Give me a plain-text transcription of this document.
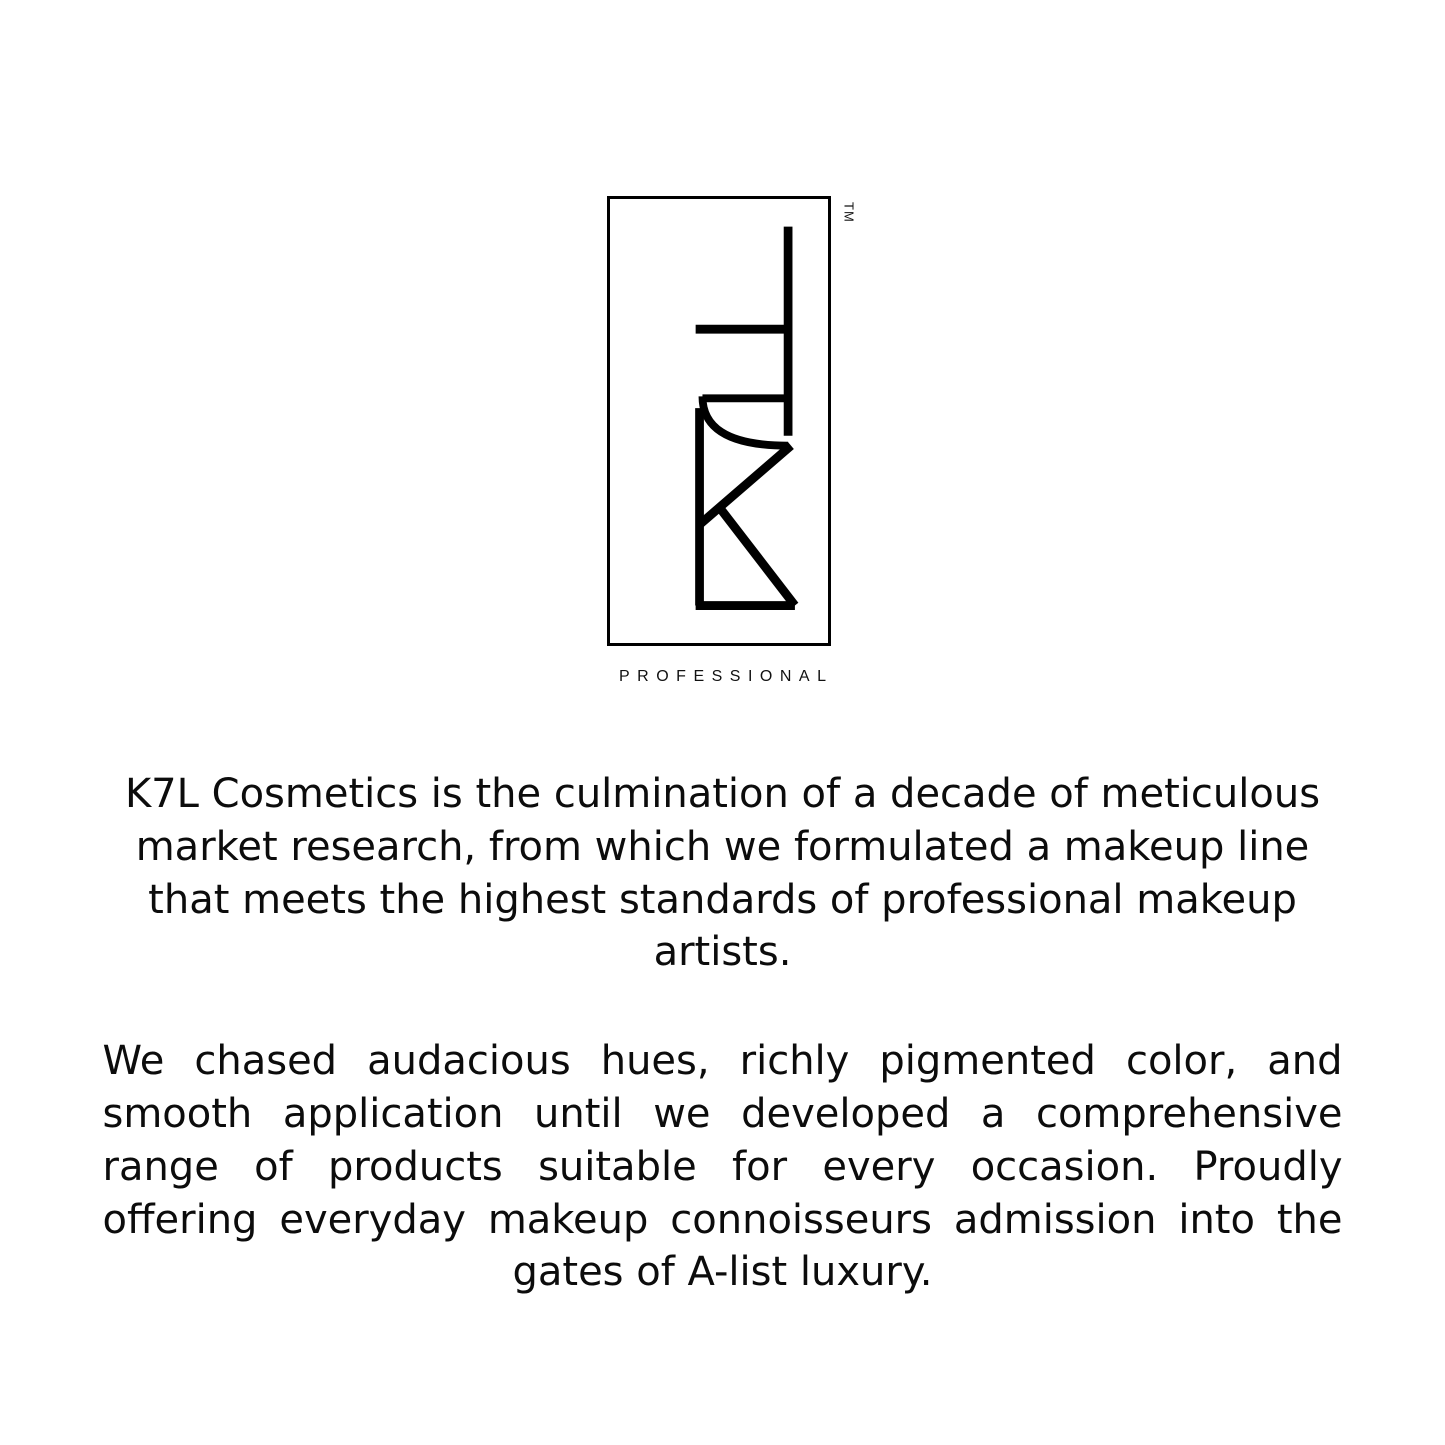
TM
PROFESSIONAL

K7L Cosmetics is the culmination of a decade of meticulous market research, from which we formulated a makeup line that meets the highest standards of professional makeup artists.

We chased audacious hues, richly pigmented color, and smooth application until we developed a comprehensive range of products suitable for every occasion. Proudly offering everyday makeup connoisseurs admission into the gates of A-list luxury.
